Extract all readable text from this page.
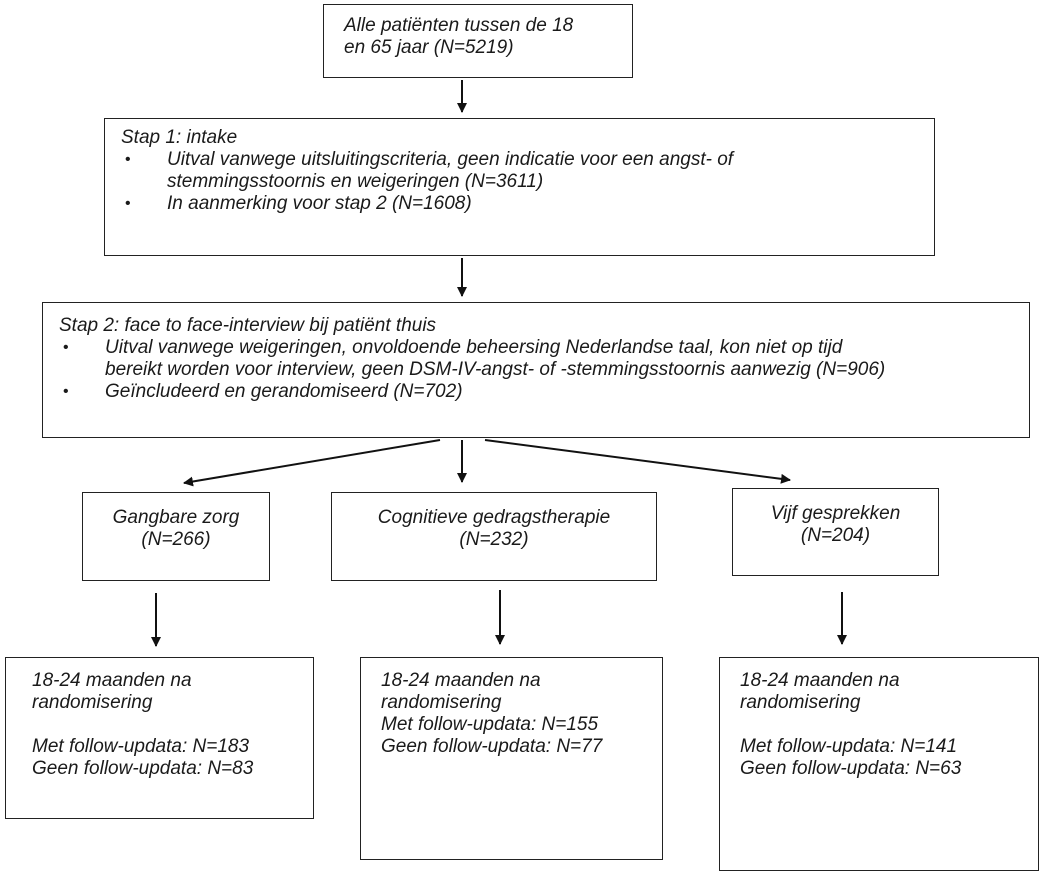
Alle patiënten tussen de 18

en 65 jaar (N=5219)

Stap 1: intake

• Uitval vanwege uitsluitingscriteria, geen indicatie voor een angst- of
stemmingsstoornis en weigeringen (N=3611)
• In aanmerking voor stap 2 (N=1608)

Stap 2: face to face-interview bij patiënt thuis

• Uitval vanwege weigeringen, onvoldoende beheersing Nederlandse taal, kon niet op tijd
bereikt worden voor interview, geen DSM-IV-angst- of -stemmingsstoornis aanwezig (N=906)
• Geïncludeerd en gerandomiseerd (N=702)

Gangbare zorg

(N=266)

Cognitieve gedragstherapie

(N=232)

Vijf gesprekken

(N=204)

18-24 maanden na

randomisering

Met follow-updata: N=183

Geen follow-updata: N=83

18-24 maanden na

randomisering

Met follow-updata: N=155

Geen follow-updata: N=77

18-24 maanden na

randomisering

Met follow-updata: N=141

Geen follow-updata: N=63
